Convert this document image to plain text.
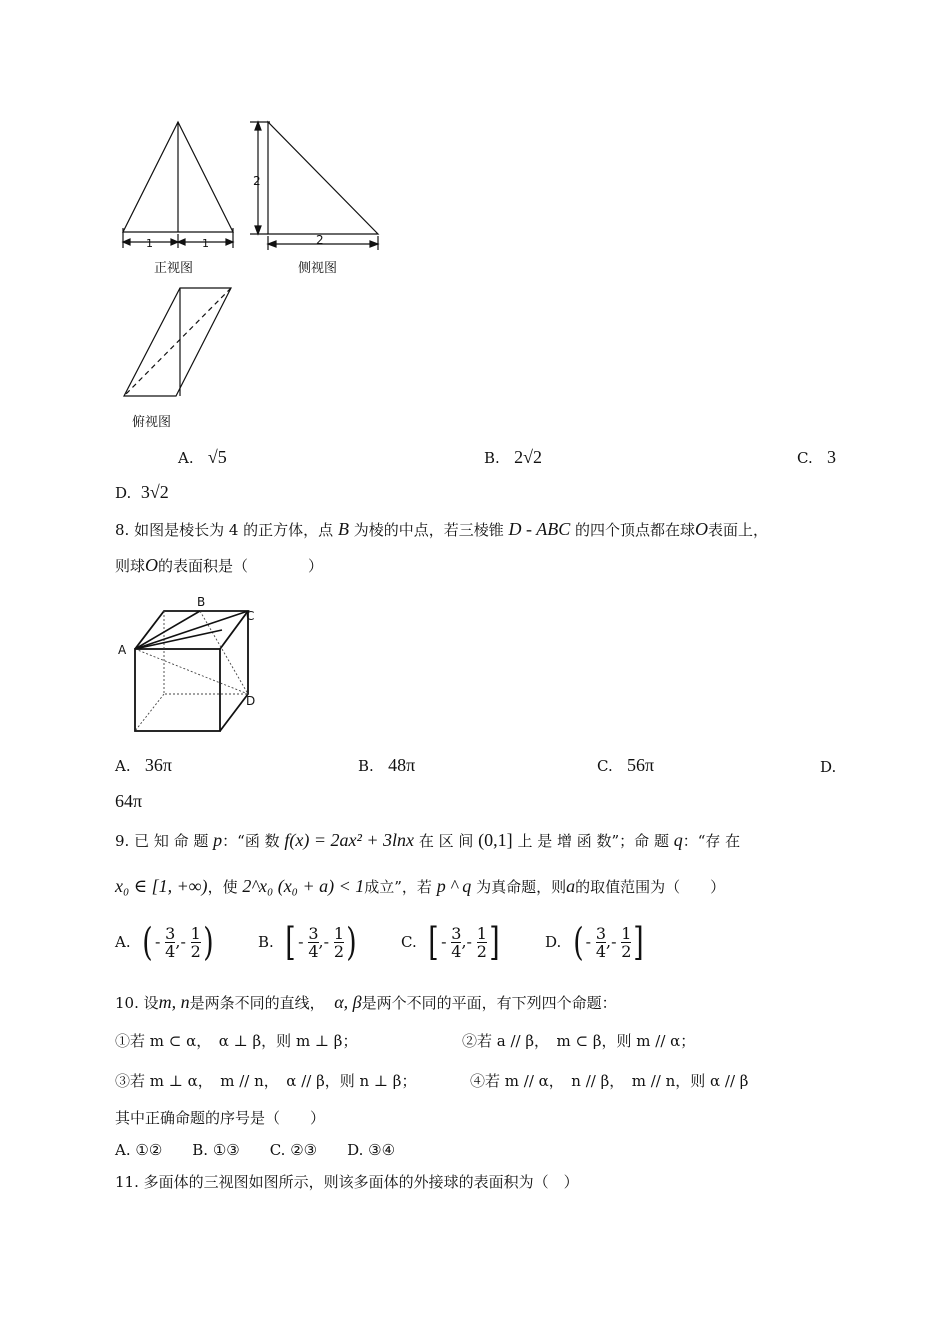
1	1
正视图
2
2
侧视图
俯视图
A. √5	B. 2√2	C. 3
D. 3√2
8. 如图是棱长为 4 的正方体，点 B 为棱的中点，若三棱锥 D - ABC 的四个顶点都在球O表面上，
则球O的表面积是（　　　　）
A
B
C
D
A. 36π	B. 48π	C. 56π	D.
64π
9. 已 知 命 题 p：“函 数 f(x) = 2ax² + 3lnx 在 区 间 (0,1] 上 是 增 函 数”；命 题 q：“存 在
x₀ ∈ [1, +∞)，使 2^x₀ (x₀ + a) < 1成立”，若 p ^ q 为真命题，则a的取值范围为（　　）
A.
( -
$\frac{3}{4}$ ,-
$\frac{1}{2}$ )	B.
[ -
$\frac{3}{4}$ ,-
$\frac{1}{2}$ )	C.
[ -
$\frac{3}{4}$ ,-
$\frac{1}{2}$ ]	D.
( -
$\frac{3}{4}$ ,-
$\frac{1}{2}$ ]
10. 设m, n是两条不同的直线， α, β是两个不同的平面，有下列四个命题：
①若 m ⊂ α，　α ⊥ β，则 m ⊥ β；	②若 a // β，　m ⊂ β，则 m // α；
③若 m ⊥ α，　m // n，　α // β，则 n ⊥ β；	④若 m // α，　n // β，　m // n，则 α // β
其中正确命题的序号是（　　）
A. ①②　　B. ①③　　C. ②③　　D. ③④
11. 多面体的三视图如图所示，则该多面体的外接球的表面积为（　）
